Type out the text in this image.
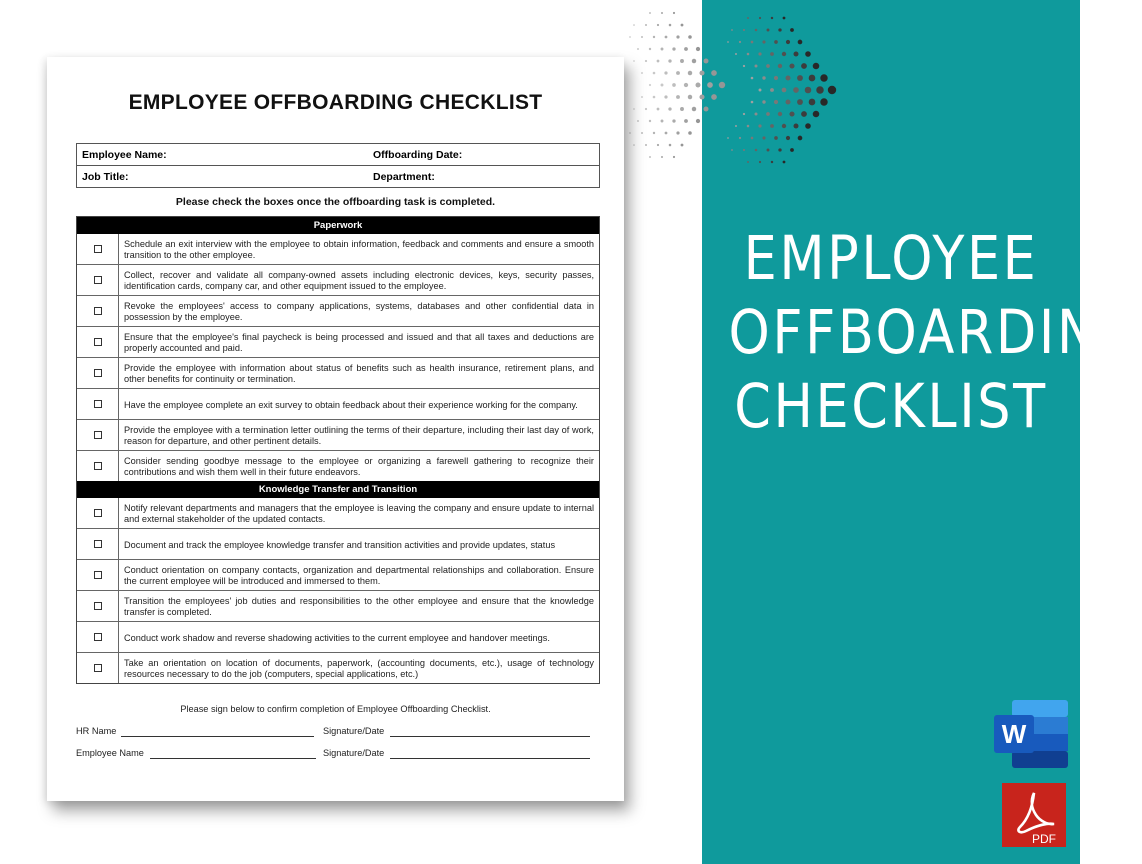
EMPLOYEE
OFFBOARDING
CHECKLIST
W
PDF
EMPLOYEE OFFBOARDING CHECKLIST
Employee Name:	Offboarding Date:
Job Title:	Department:
Please check the boxes once the offboarding task is completed.
Paperwork
Schedule an exit interview with the employee to obtain information, feedback and comments and ensure a smooth transition to the other employee.
Collect, recover and validate all company-owned assets including electronic devices, keys, security passes, identification cards, company car, and other equipment issued to the employee.
Revoke the employees' access to company applications, systems, databases and other confidential data in possession by the employee.
Ensure that the employee's final paycheck is being processed and issued and that all taxes and deductions are properly accounted and paid.
Provide the employee with information about status of benefits such as health insurance, retirement plans, and other benefits for continuity or termination.
Have the employee complete an exit survey to obtain feedback about their experience working for the company.
Provide the employee with a termination letter outlining the terms of their departure, including their last day of work, reason for departure, and other pertinent details.
Consider sending goodbye message to the employee or organizing a farewell gathering to recognize their contributions and wish them well in their future endeavors.
Knowledge Transfer and Transition
Notify relevant departments and managers that the employee is leaving the company and ensure update to internal and external stakeholder of the updated contacts.
Document and track the employee knowledge transfer and transition activities and provide updates, status
Conduct orientation on company contacts, organization and departmental relationships and collaboration. Ensure the current employee will be introduced and immersed to them.
Transition the employees' job duties and responsibilities to the other employee and ensure that the knowledge transfer is completed.
Conduct work shadow and reverse shadowing activities to the current employee and handover meetings.
Take an orientation on location of documents, paperwork, (accounting documents, etc.), usage of technology resources necessary to do the job (computers, special applications, etc.)
Please sign below to confirm completion of Employee Offboarding Checklist.
HR Name	Signature/Date
Employee Name	Signature/Date
